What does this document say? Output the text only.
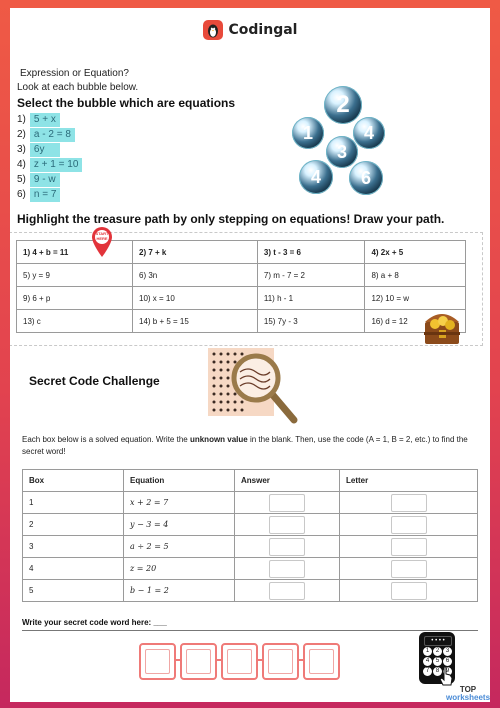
Codingal
Expression or Equation?
Look at each bubble below.
Select the bubble which are equations
1) 5 + x
2) a - 2 = 8
3) 6y
4) z + 1 = 10
5) 9 - w
6) n = 7
2
1	4
3
4	6
Highlight the treasure path by only stepping on equations! Draw your path.
1) 4 + b = 11	2) 7 + k	3) t - 3 = 6	4) 2x + 5
5) y = 9	6) 3n	7) m - 7 = 2	8) a + 8
9) 6 + p	10) x = 10	11) h - 1	12) 10 = w
13) c	14) b + 5 = 15	15) 7y - 3	16) d = 12
START HERE
Secret Code Challenge
Each box below is a solved equation. Write the unknown value in the blank. Then, use the code (A = 1, B = 2, etc.) to find the secret word!
Box	Equation	Answer	Letter
1	x + 2 = 7		
2	y − 3 = 4		
3	a ÷ 2 = 5		
4	z = 20		
5	b − 1 = 2		
Write your secret code word here: ___
• • • •
1	2	3
4	5	6
7	8	9
TOP
worksheets
